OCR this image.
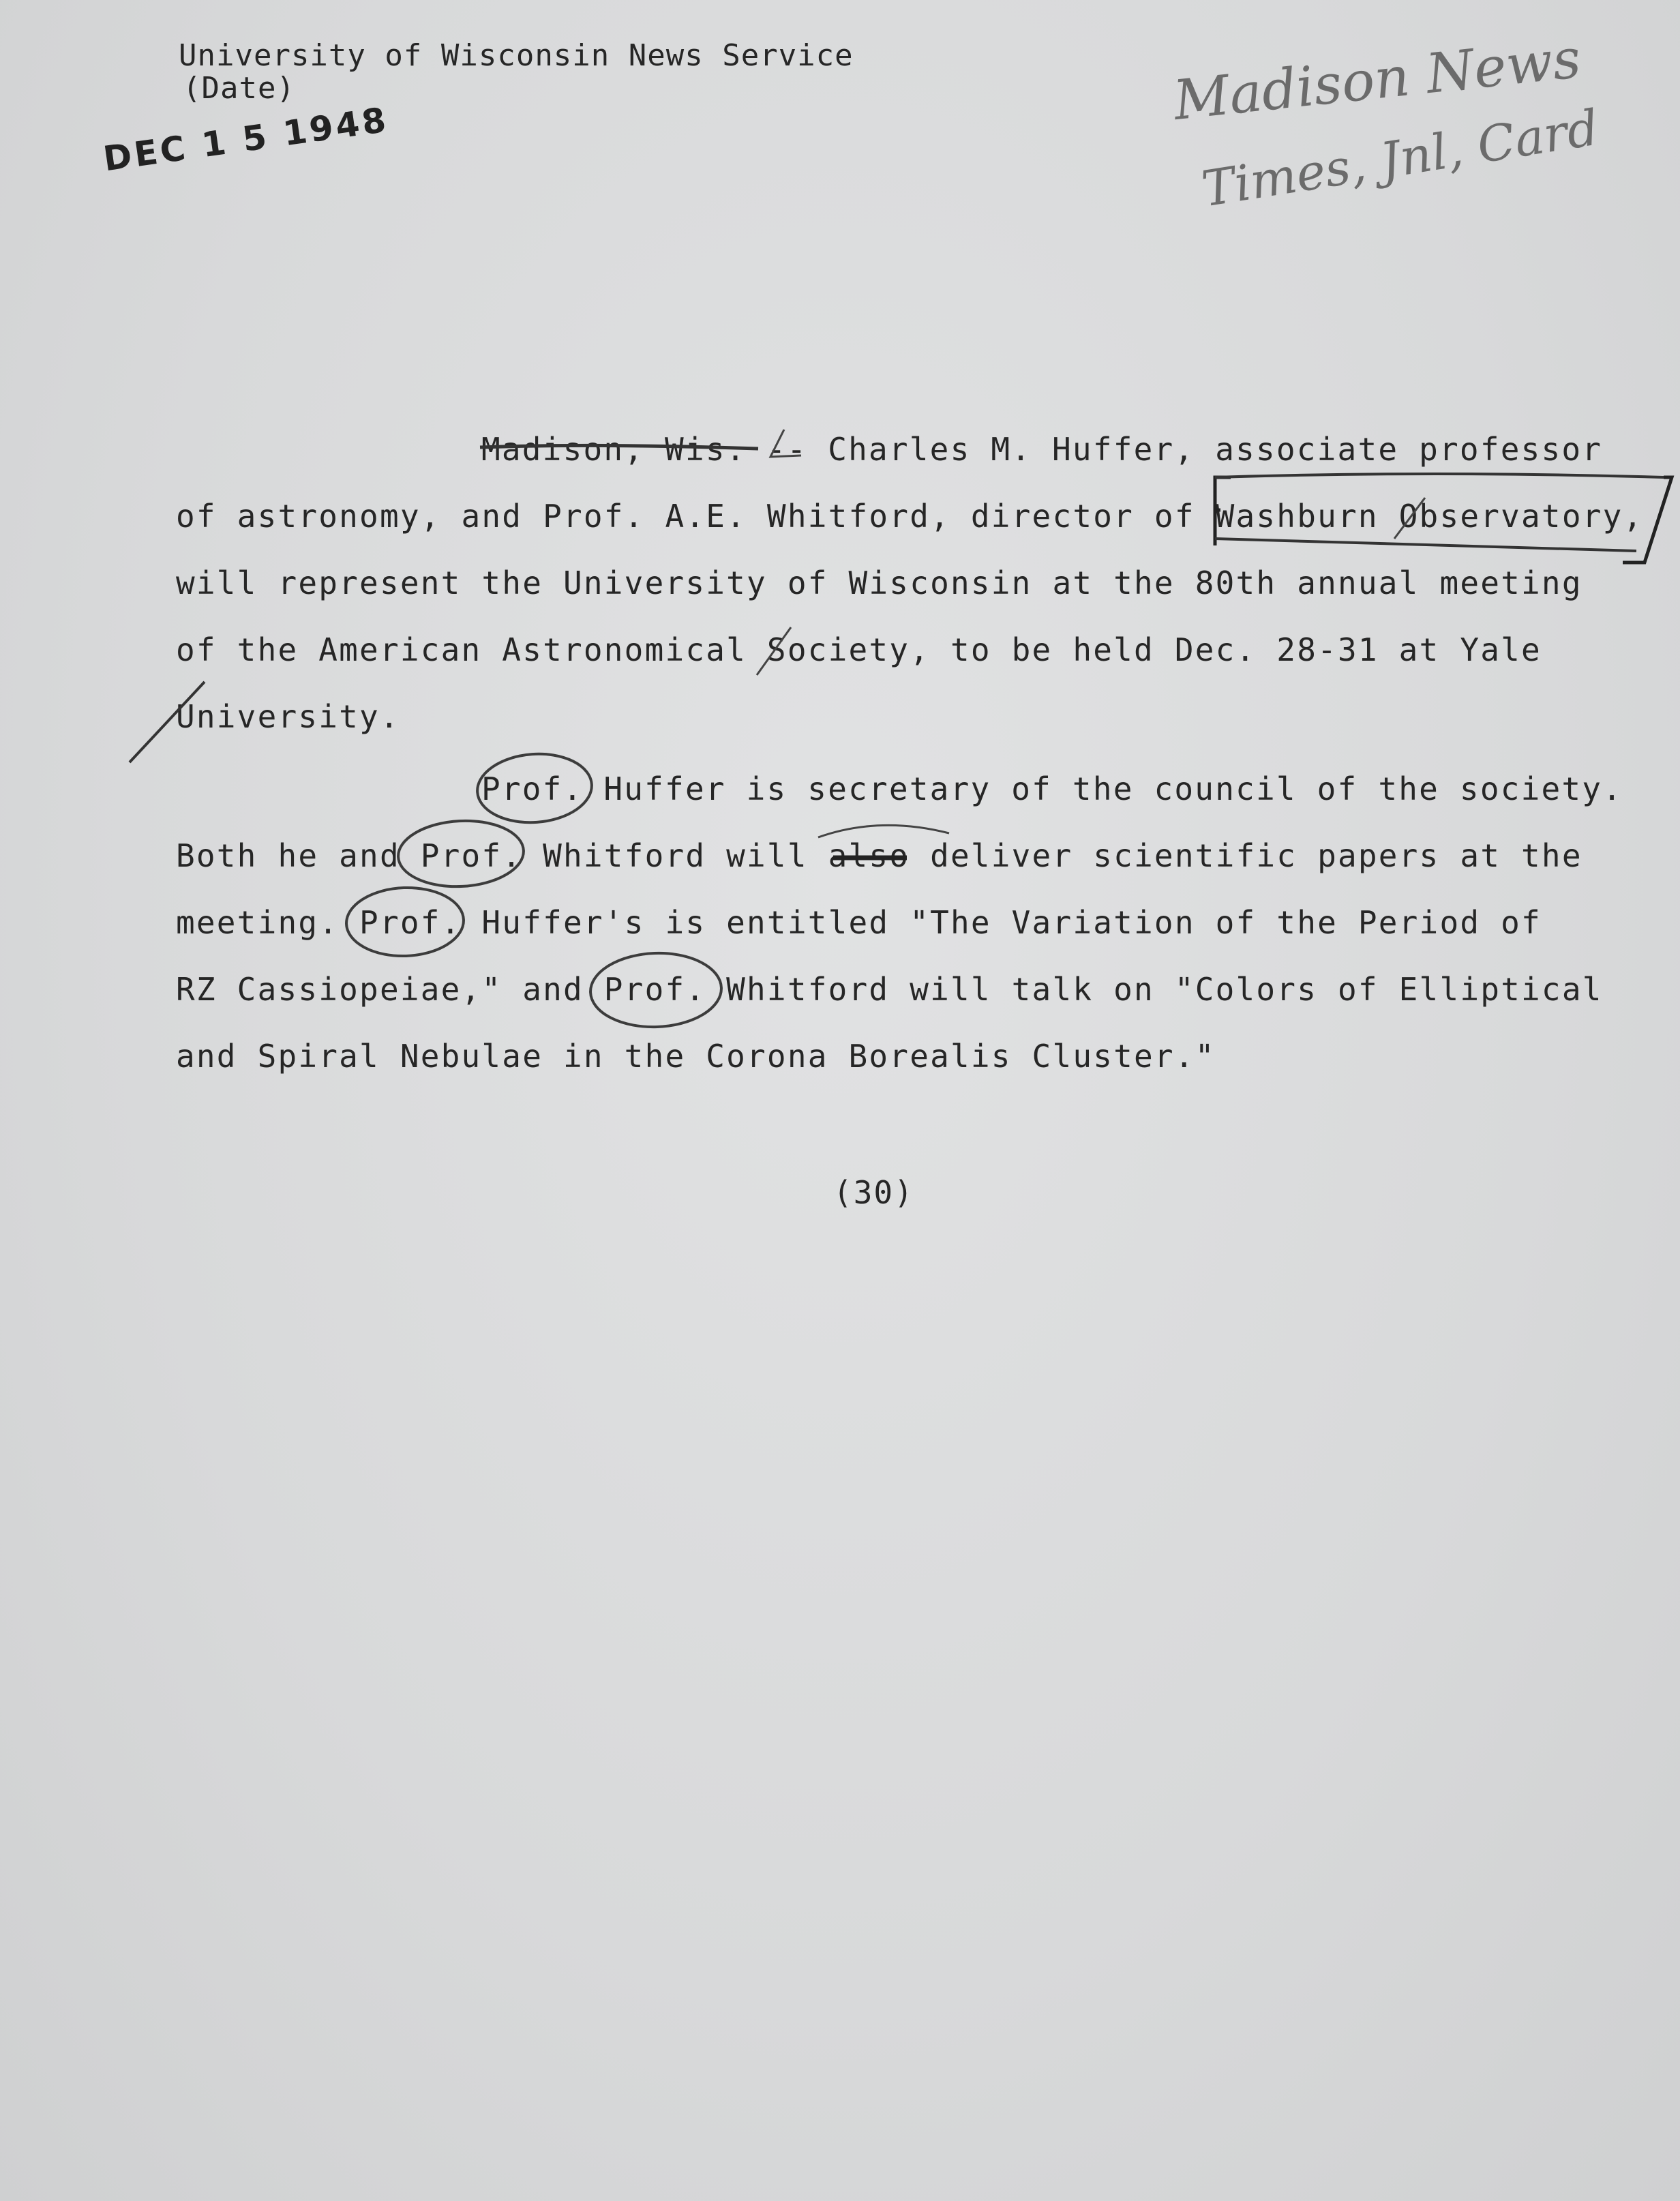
University of Wisconsin News Service
(Date)
DEC 1 5 1948
Madison News
Times, Jnl, Card
Madison, Wis. -- Charles M. Huffer, associate professor
of astronomy, and Prof. A.E. Whitford, director of Washburn Observatory,
will represent the University of Wisconsin at the 80th annual meeting
of the American Astronomical Society, to be held Dec. 28-31 at Yale
University.
Prof. Huffer is secretary of the council of the society.
Both he and Prof. Whitford will also deliver scientific papers at the
meeting. Prof. Huffer's is entitled "The Variation of the Period of
RZ Cassiopeiae," and Prof. Whitford will talk on "Colors of Elliptical
and Spiral Nebulae in the Corona Borealis Cluster."
(30)
